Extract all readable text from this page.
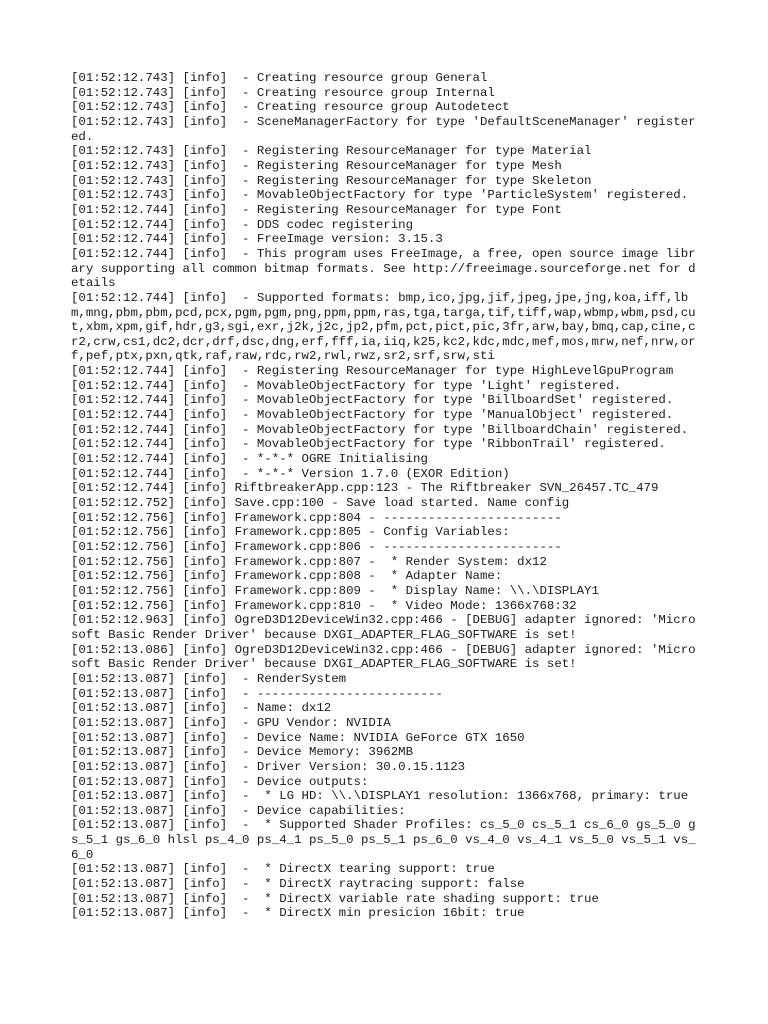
[01:52:12.743] [info]  - Creating resource group General
[01:52:12.743] [info]  - Creating resource group Internal
[01:52:12.743] [info]  - Creating resource group Autodetect
[01:52:12.743] [info]  - SceneManagerFactory for type 'DefaultSceneManager' registered.
[01:52:12.743] [info]  - Registering ResourceManager for type Material
[01:52:12.743] [info]  - Registering ResourceManager for type Mesh
[01:52:12.743] [info]  - Registering ResourceManager for type Skeleton
[01:52:12.743] [info]  - MovableObjectFactory for type 'ParticleSystem' registered.
[01:52:12.744] [info]  - Registering ResourceManager for type Font
[01:52:12.744] [info]  - DDS codec registering
[01:52:12.744] [info]  - FreeImage version: 3.15.3
[01:52:12.744] [info]  - This program uses FreeImage, a free, open source image library supporting all common bitmap formats. See http://freeimage.sourceforge.net for details
[01:52:12.744] [info]  - Supported formats: bmp,ico,jpg,jif,jpeg,jpe,jng,koa,iff,lbm,mng,pbm,pbm,pcd,pcx,pgm,pgm,png,ppm,ppm,ras,tga,targa,tif,tiff,wap,wbmp,wbm,psd,cut,xbm,xpm,gif,hdr,g3,sgi,exr,j2k,j2c,jp2,pfm,pct,pict,pic,3fr,arw,bay,bmq,cap,cine,cr2,crw,cs1,dc2,dcr,drf,dsc,dng,erf,fff,ia,iiq,k25,kc2,kdc,mdc,mef,mos,mrw,nef,nrw,orf,pef,ptx,pxn,qtk,raf,raw,rdc,rw2,rwl,rwz,sr2,srf,srw,sti
[01:52:12.744] [info]  - Registering ResourceManager for type HighLevelGpuProgram
[01:52:12.744] [info]  - MovableObjectFactory for type 'Light' registered.
[01:52:12.744] [info]  - MovableObjectFactory for type 'BillboardSet' registered.
[01:52:12.744] [info]  - MovableObjectFactory for type 'ManualObject' registered.
[01:52:12.744] [info]  - MovableObjectFactory for type 'BillboardChain' registered.
[01:52:12.744] [info]  - MovableObjectFactory for type 'RibbonTrail' registered.
[01:52:12.744] [info]  - *-*-* OGRE Initialising
[01:52:12.744] [info]  - *-*-* Version 1.7.0 (EXOR Edition)
[01:52:12.744] [info] RiftbreakerApp.cpp:123 - The Riftbreaker SVN_26457.TC_479
[01:52:12.752] [info] Save.cpp:100 - Save load started. Name config
[01:52:12.756] [info] Framework.cpp:804 - ------------------------
[01:52:12.756] [info] Framework.cpp:805 - Config Variables:
[01:52:12.756] [info] Framework.cpp:806 - ------------------------
[01:52:12.756] [info] Framework.cpp:807 -  * Render System: dx12
[01:52:12.756] [info] Framework.cpp:808 -  * Adapter Name:
[01:52:12.756] [info] Framework.cpp:809 -  * Display Name: \\.\DISPLAY1
[01:52:12.756] [info] Framework.cpp:810 -  * Video Mode: 1366x768:32
[01:52:12.963] [info] OgreD3D12DeviceWin32.cpp:466 - [DEBUG] adapter ignored: 'Microsoft Basic Render Driver' because DXGI_ADAPTER_FLAG_SOFTWARE is set!
[01:52:13.086] [info] OgreD3D12DeviceWin32.cpp:466 - [DEBUG] adapter ignored: 'Microsoft Basic Render Driver' because DXGI_ADAPTER_FLAG_SOFTWARE is set!
[01:52:13.087] [info]  - RenderSystem
[01:52:13.087] [info]  - -------------------------
[01:52:13.087] [info]  - Name: dx12
[01:52:13.087] [info]  - GPU Vendor: NVIDIA
[01:52:13.087] [info]  - Device Name: NVIDIA GeForce GTX 1650
[01:52:13.087] [info]  - Device Memory: 3962MB
[01:52:13.087] [info]  - Driver Version: 30.0.15.1123
[01:52:13.087] [info]  - Device outputs:
[01:52:13.087] [info]  -  * LG HD: \\.\DISPLAY1 resolution: 1366x768, primary: true
[01:52:13.087] [info]  - Device capabilities:
[01:52:13.087] [info]  -  * Supported Shader Profiles: cs_5_0 cs_5_1 cs_6_0 gs_5_0 gs_5_1 gs_6_0 hlsl ps_4_0 ps_4_1 ps_5_0 ps_5_1 ps_6_0 vs_4_0 vs_4_1 vs_5_0 vs_5_1 vs_6_0
[01:52:13.087] [info]  -  * DirectX tearing support: true
[01:52:13.087] [info]  -  * DirectX raytracing support: false
[01:52:13.087] [info]  -  * DirectX variable rate shading support: true
[01:52:13.087] [info]  -  * DirectX min presicion 16bit: true
